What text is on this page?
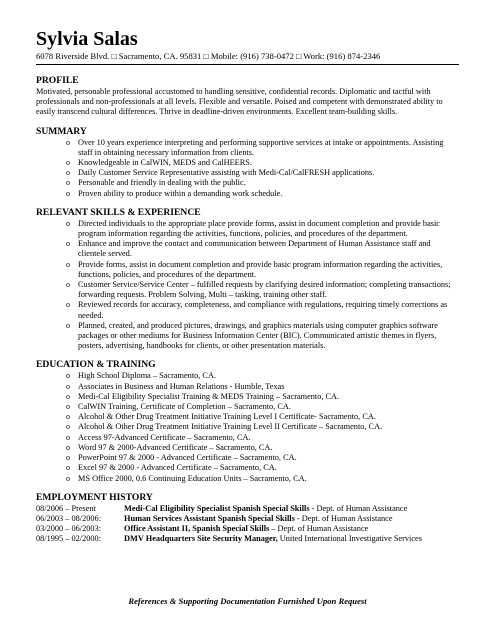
Sylvia Salas
6078 Riverside Blvd. □ Sacramento, CA. 95831 □ Mobile: (916) 738-0472 □ Work: (916) 874-2346
PROFILE

Motivated, personable professional accustomed to handling sensitive, confidential records. Diplomatic and tactful with professionals and non-professionals at all levels. Flexible and versatile. Poised and competent with demonstrated ability to easily transcend cultural differences. Thrive in deadline-driven environments. Excellent team-building skills.

SUMMARY
o Over 10 years experience interpreting and performing supportive services at intake or appointments. Assisting staff in obtaining necessary information from clients.
o Knowledgeable in CalWIN, MEDS and CalHEERS.
o Daily Customer Service Representative assisting with Medi-Cal/CalFRESH applications.
o Personable and friendly in dealing with the public.
o Proven ability to produce within a demanding work schedule.
RELEVANT SKILLS & EXPERIENCE
o Directed individuals to the appropriate place provide forms, assist in document completion and provide basic program information regarding the activities, functions, policies, and procedures of the department.
o Enhance and improve the contact and communication between Department of Human Assistance staff and clientele served.
o Provide forms, assist in document completion and provide basic program information regarding the activities, functions, policies, and procedures of the department.
o Customer Service/Service Center – fulfilled requests by clarifying desired information; completing transactions; forwarding requests. Problem Solving, Multi – tasking, training other staff.
o Reviewed records for accuracy, completeness, and compliance with regulations, requiring timely corrections as needed.
o Planned, created, and produced pictures, drawings, and graphics materials using computer graphics software packages or other mediums for Business Information Center (BIC). Communicated artistic themes in flyers, posters, advertising, handbooks for clients, or other presentation materials.
EDUCATION & TRAINING
o High School Diploma – Sacramento, CA.
o Associates in Business and Human Relations - Humble, Texas
o Medi-Cal Eligibility Specialist Training & MEDS Training – Sacramento, CA.
o CalWIN Training, Certificate of Completion – Sacramento, CA.
o Alcohol & Other Drug Treatment Initiative Training Level I Certificate- Sacramento, CA.
o Alcohol & Other Drug Treatment Initiative Training Level II Certificate – Sacramento, CA.
o Access 97-Advanced Certificate – Sacramento, CA.
o Word 97 & 2000-Advanced Certificate – Sacramento, CA.
o PowerPoint 97 & 2000 - Advanced Certificate – Sacramento, CA.
o Excel 97 & 2000 - Advanced Certificate – Sacramento, CA.
o MS Office 2000, 0.6 Continuing Education Units – Sacramento, CA.
EMPLOYMENT HISTORY
08/2006 – Present	Medi-Cal Eligibility Specialist Spanish Special Skills - Dept. of Human Assistance
06/2003 – 08/2006:	Human Services Assistant Spanish Special Skills - Dept. of Human Assistance
03/2000 – 06/2003:	Office Assistant II, Spanish Special Skills – Dept. of Human Assistance
08/1995 – 02/2000:	DMV Headquarters Site Security Manager, United International Investigative Services
References & Supporting Documentation Furnished Upon Request
